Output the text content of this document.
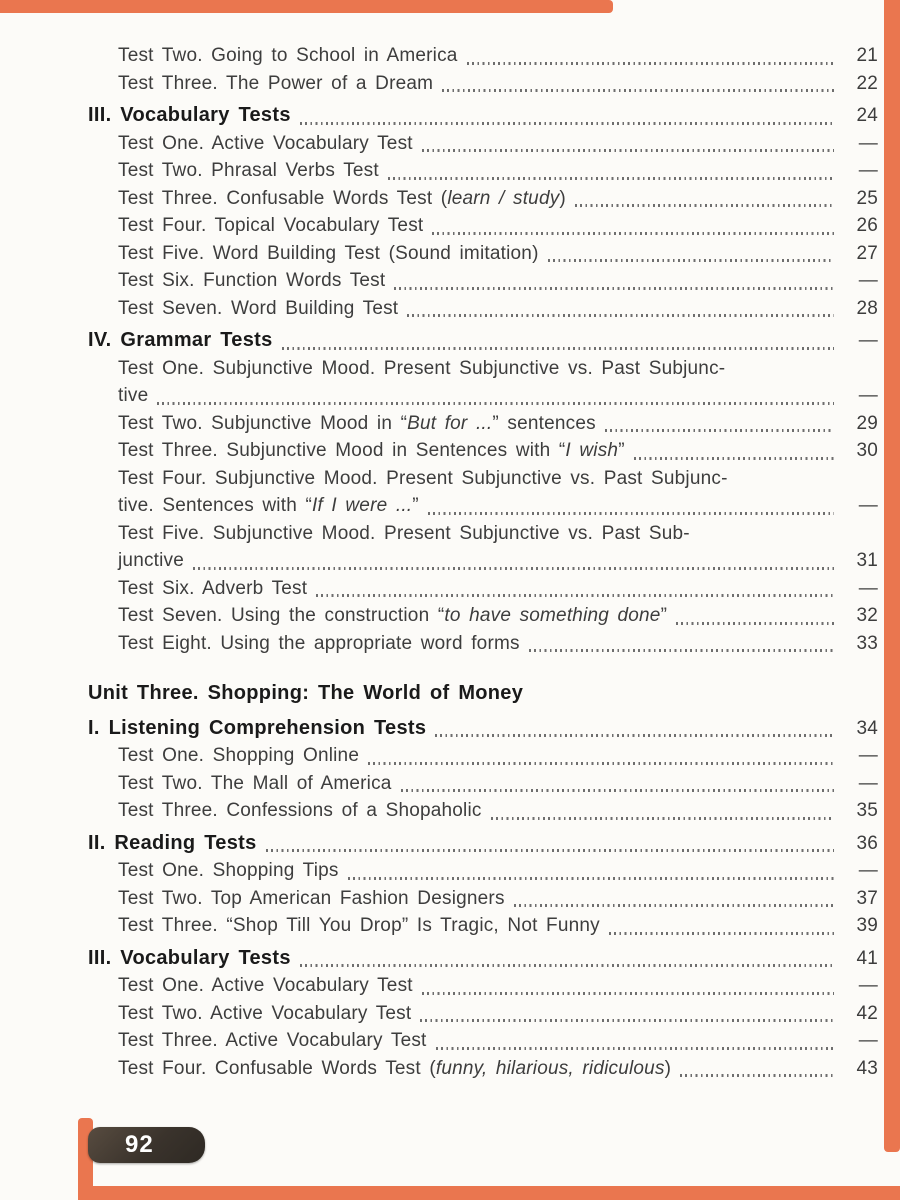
Test Two. Going to School in America	21
Test Three. The Power of a Dream	22
III. Vocabulary Tests	24
Test One. Active Vocabulary Test	—
Test Two. Phrasal Verbs Test	—
Test Three. Confusable Words Test (learn / study)	25
Test Four. Topical Vocabulary Test	26
Test Five. Word Building Test (Sound imitation)	27
Test Six. Function Words Test	—
Test Seven. Word Building Test	28
IV. Grammar Tests	—
Test One. Subjunctive Mood. Present Subjunctive vs. Past Subjunc-
tive	—
Test Two. Subjunctive Mood in “But for ...” sentences	29
Test Three. Subjunctive Mood in Sentences with “I wish”	30
Test Four. Subjunctive Mood. Present Subjunctive vs. Past Subjunc-
tive. Sentences with “If I were ...”	—
Test Five. Subjunctive Mood. Present Subjunctive vs. Past Sub-
junctive	31
Test Six. Adverb Test	—
Test Seven. Using the construction “to have something done”	32
Test Eight. Using the appropriate word forms	33
Unit Three. Shopping: The World of Money
I. Listening Comprehension Tests	34
Test One. Shopping Online	—
Test Two. The Mall of America	—
Test Three. Confessions of a Shopaholic	35
II. Reading Tests	36
Test One. Shopping Tips	—
Test Two. Top American Fashion Designers	37
Test Three. “Shop Till You Drop” Is Tragic, Not Funny	39
III. Vocabulary Tests	41
Test One. Active Vocabulary Test	—
Test Two. Active Vocabulary Test	42
Test Three. Active Vocabulary Test	—
Test Four. Confusable Words Test (funny, hilarious, ridiculous)	43
92
